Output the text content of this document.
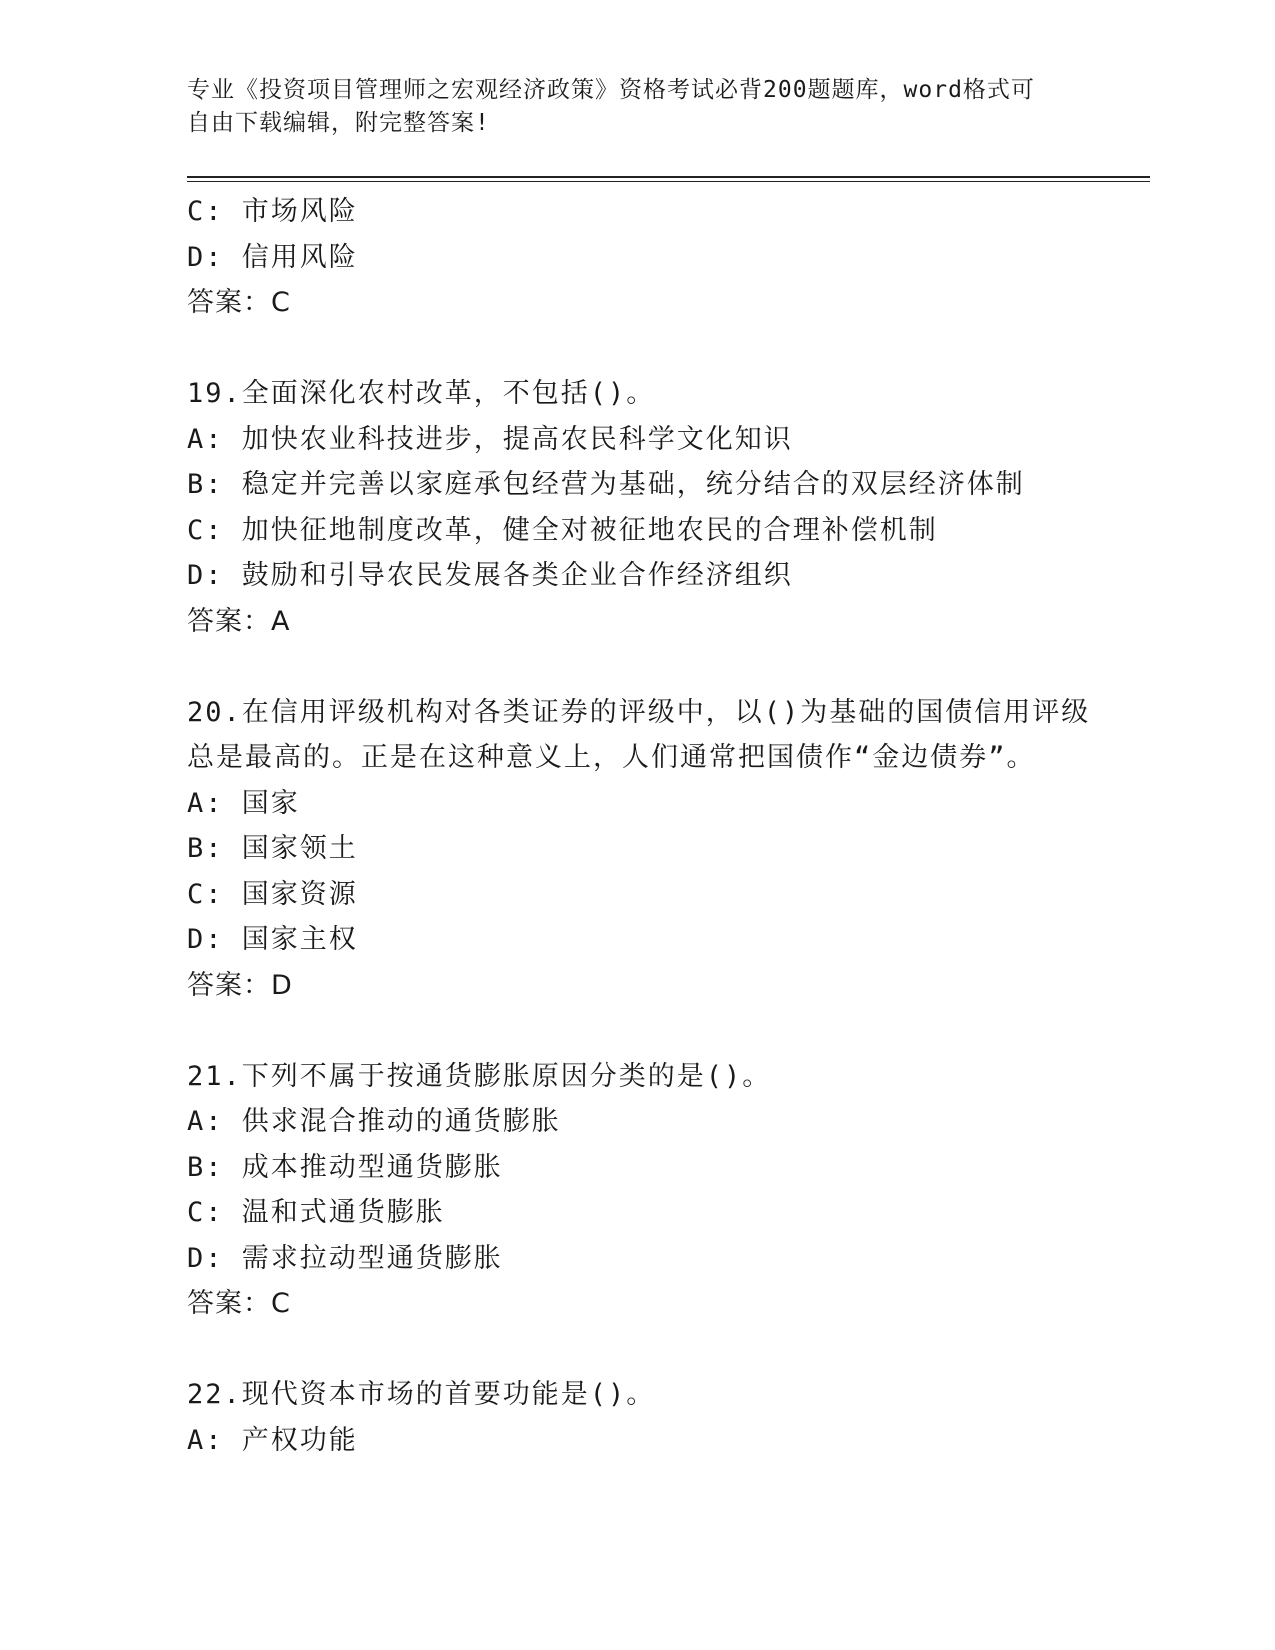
专业《投资项目管理师之宏观经济政策》资格考试必背200题题库，word格式可
自由下载编辑，附完整答案!
C: 市场风险
D: 信用风险
答案：C
19.全面深化农村改革，不包括()。
A: 加快农业科技进步，提高农民科学文化知识
B: 稳定并完善以家庭承包经营为基础，统分结合的双层经济体制
C: 加快征地制度改革，健全对被征地农民的合理补偿机制
D: 鼓励和引导农民发展各类企业合作经济组织
答案：A
20.在信用评级机构对各类证券的评级中，以()为基础的国债信用评级
总是最高的。正是在这种意义上，人们通常把国债作“金边债券”。
A: 国家
B: 国家领土
C: 国家资源
D: 国家主权
答案：D
21.下列不属于按通货膨胀原因分类的是()。
A: 供求混合推动的通货膨胀
B: 成本推动型通货膨胀
C: 温和式通货膨胀
D: 需求拉动型通货膨胀
答案：C
22.现代资本市场的首要功能是()。
A: 产权功能
